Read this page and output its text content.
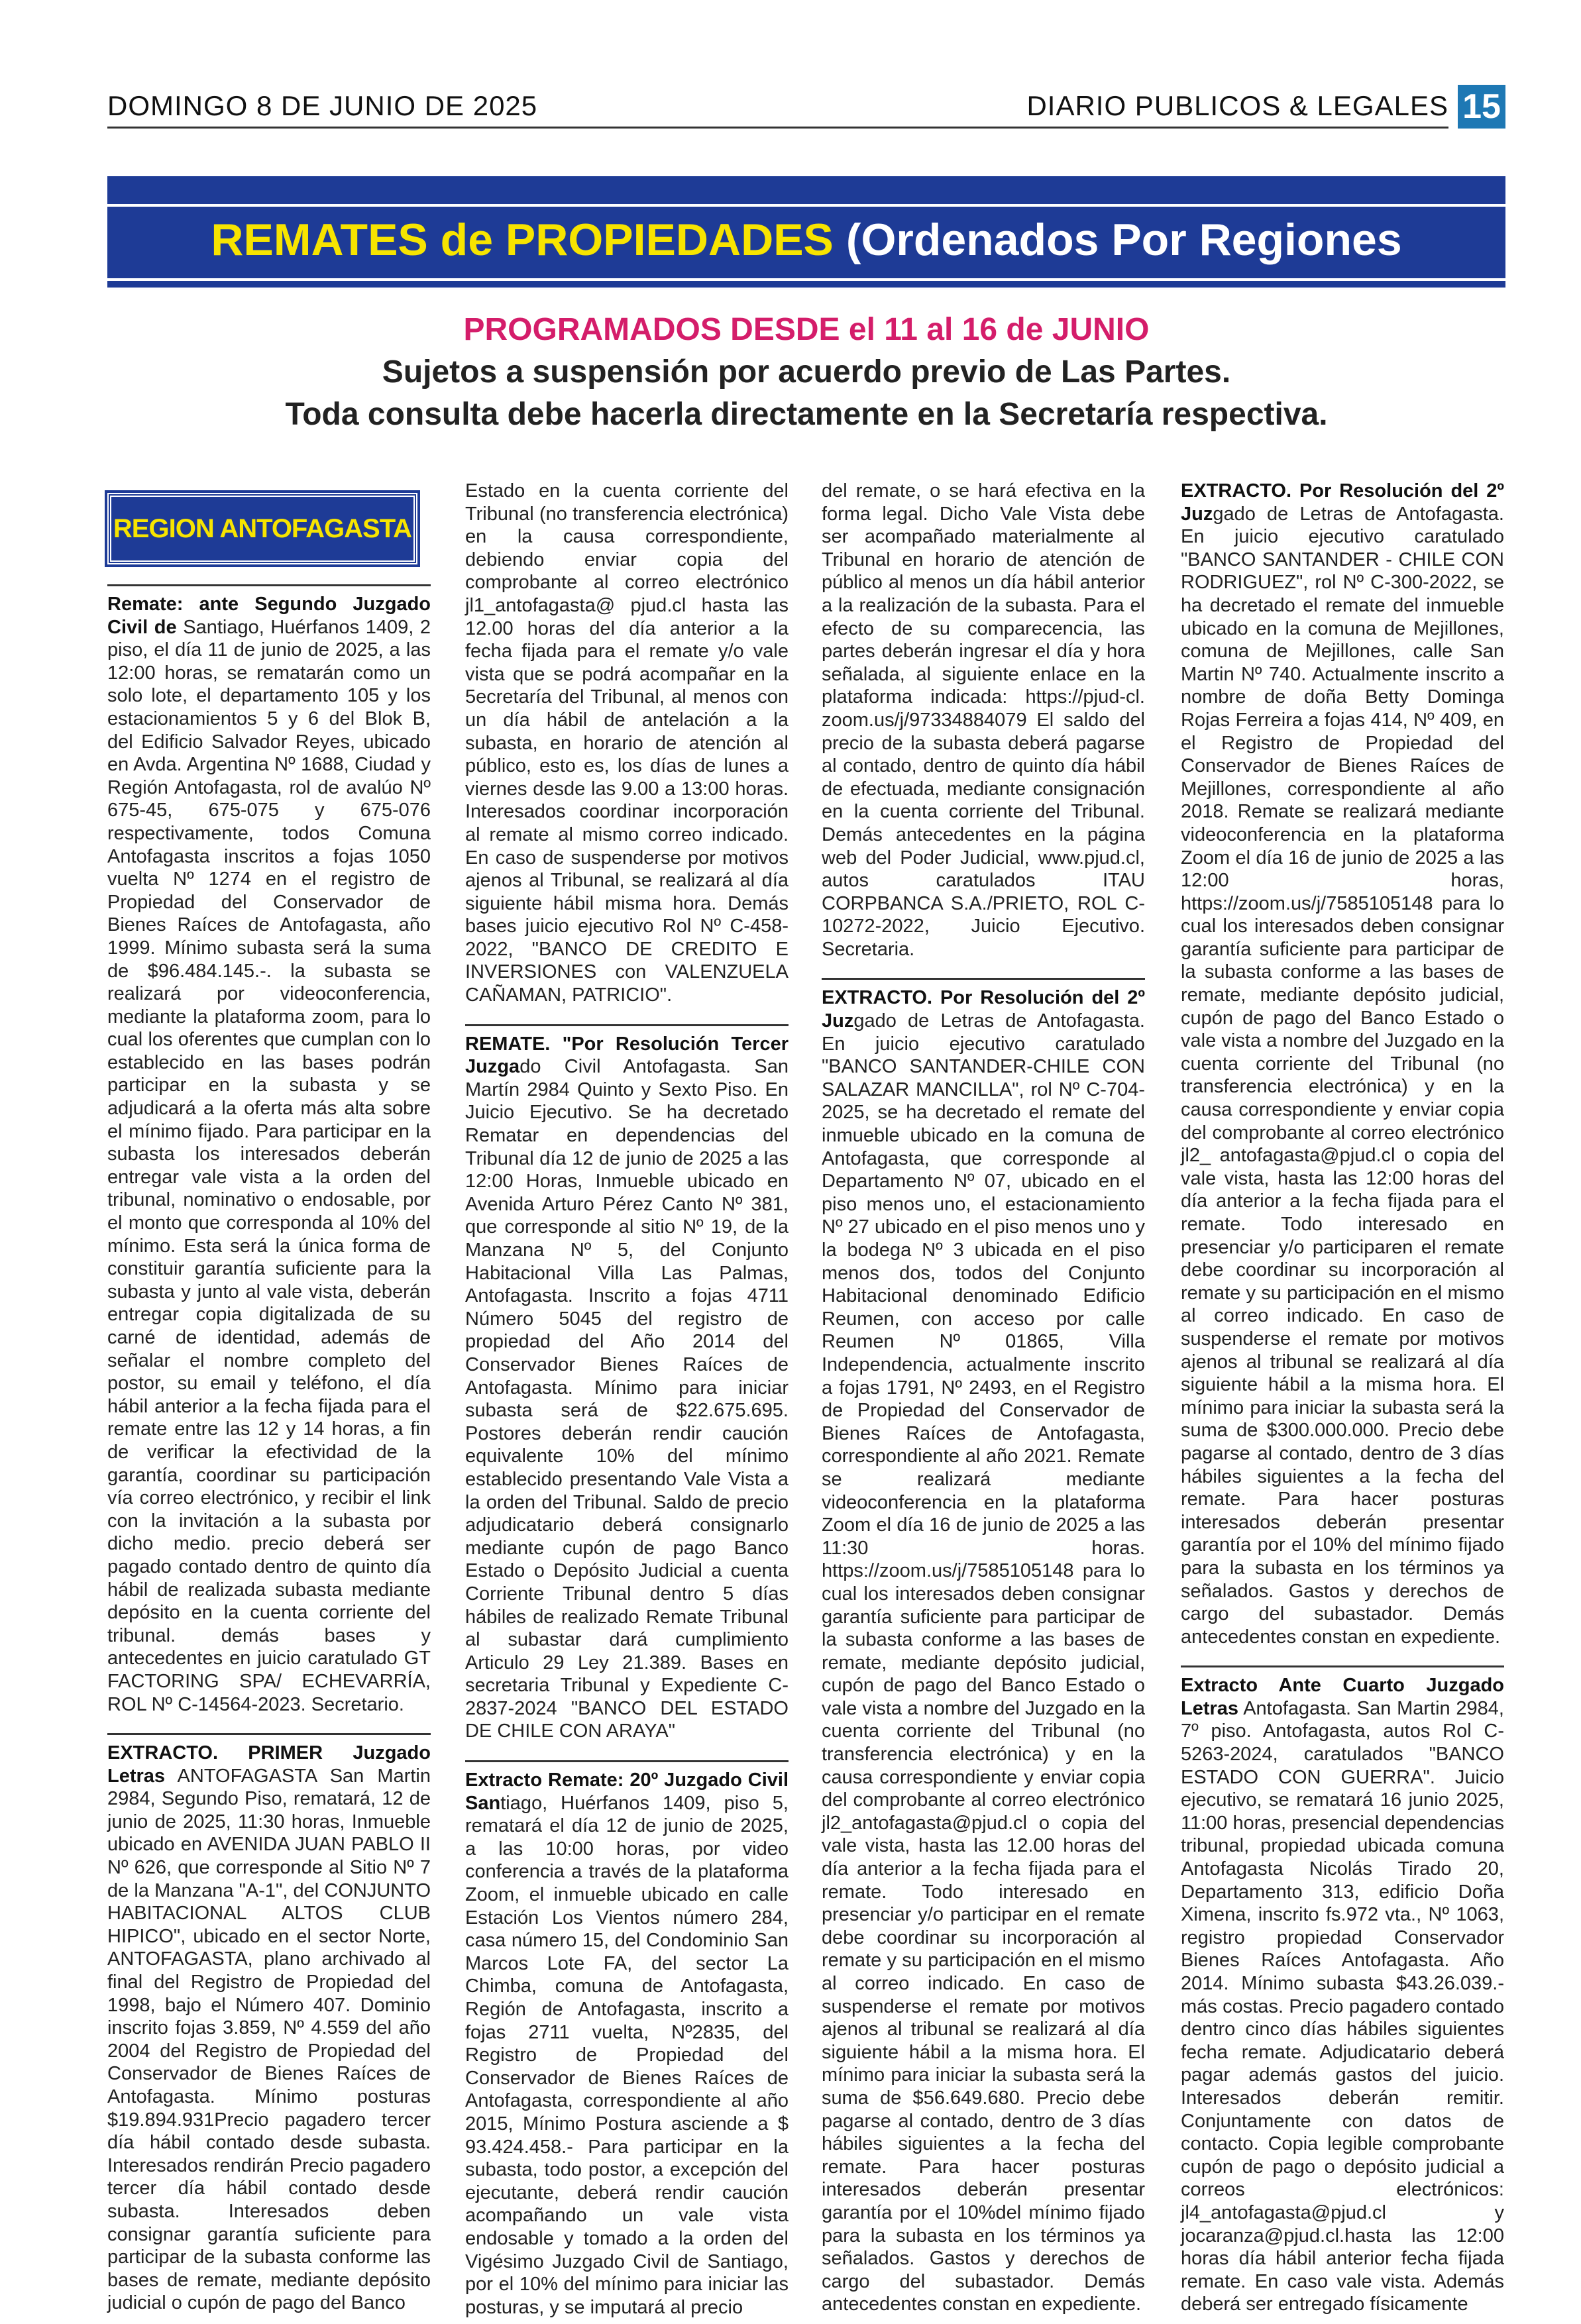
DOMINGO 8 DE JUNIO DE 2025	DIARIO PUBLICOS & LEGALES 15
REMATES de PROPIEDADES (Ordenados Por Regiones
PROGRAMADOS DESDE el 11 al 16 de JUNIO
Sujetos a suspensión por acuerdo previo de Las Partes.
Toda consulta debe hacerla directamente en la Secretaría respectiva.
REGION ANTOFAGASTA

Remate: ante Segundo Juzgado Civil de Santiago, Huérfanos 1409, 2 piso, el día 11 de junio de 2025, a las 12:00 horas, se rematarán como un solo lote, el departamento 105 y los estacionamientos 5 y 6 del Blok B, del Edificio Salvador Reyes, ubicado en Avda. Argentina Nº 1688, Ciudad y Región Antofagasta, rol de avalúo Nº 675-45, 675-075 y 675-076 respectivamente, todos Comuna Antofagasta inscritos a fojas 1050 vuelta Nº 1274 en el registro de Propiedad del Conservador de Bienes Raíces de Antofagasta, año 1999. Mínimo subasta será la suma de $96.484.145.-. la subasta se realizará por videoconferencia, mediante la plataforma zoom, para lo cual los oferentes que cumplan con lo establecido en las bases podrán participar en la subasta y se adjudicará a la oferta más alta sobre el mínimo fijado. Para participar en la subasta los interesados deberán entregar vale vista a la orden del tribunal, nominativo o endosable, por el monto que corresponda al 10% del mínimo. Esta será la única forma de constituir garantía suficiente para la subasta y junto al vale vista, deberán entregar copia digitalizada de su carné de identidad, además de señalar el nombre completo del postor, su email y teléfono, el día hábil anterior a la fecha fijada para el remate entre las 12 y 14 horas, a fin de verificar la efectividad de la garantía, coordinar su participación vía correo electrónico, y recibir el link con la invitación a la subasta por dicho medio. precio deberá ser pagado contado dentro de quinto día hábil de realizada subasta mediante depósito en la cuenta corriente del tribunal. demás bases y antecedentes en juicio caratulado GT FACTORING SPA/ ECHEVARRÍA, ROL Nº C-14564-2023. Secretario.

EXTRACTO. PRIMER Juzgado Letras ANTOFAGASTA San Martin 2984, Segundo Piso, rematará, 12 de junio de 2025, 11:30 horas, Inmueble ubicado en AVENIDA JUAN PABLO II Nº 626, que corresponde al Sitio Nº 7 de la Manzana "A-1", del CONJUNTO HABITACIONAL ALTOS CLUB HIPICO", ubicado en el sector Norte, ANTOFAGASTA, plano archivado al final del Registro de Propiedad del 1998, bajo el Número 407. Dominio inscrito fojas 3.859, Nº 4.559 del año 2004 del Registro de Propiedad del Conservador de Bienes Raíces de Antofagasta. Mínimo posturas $19.894.931Precio pagadero tercer día hábil contado desde subasta. Interesados rendirán Precio pagadero tercer día hábil contado desde subasta. Interesados deben consignar garantía suficiente para participar de la subasta conforme las bases de remate, mediante depósito judicial o cupón de pago del Banco

Estado en la cuenta corriente del Tribunal (no transferencia electrónica) en la causa correspondiente, debiendo enviar copia del comprobante al correo electrónico jl1_antofagasta@ pjud.cl hasta las 12.00 horas del día anterior a la fecha fijada para el remate y/o vale vista que se podrá acompañar en la 5ecretaría del Tribunal, al menos con un día hábil de antelación a la subasta, en horario de atención al público, esto es, los días de lunes a viernes desde las 9.00 a 13:00 horas. Interesados coordinar incorporación al remate al mismo correo indicado. En caso de suspenderse por motivos ajenos al Tribunal, se realizará al día siguiente hábil misma hora. Demás bases juicio ejecutivo Rol Nº C-458-2022, "BANCO DE CREDITO E INVERSIONES con VALENZUELA CAÑAMAN, PATRICIO".

REMATE. "Por Resolución Tercer Juzgado Civil Antofagasta. San Martín 2984 Quinto y Sexto Piso. En Juicio Ejecutivo. Se ha decretado Rematar en dependencias del Tribunal día 12 de junio de 2025 a las 12:00 Horas, Inmueble ubicado en Avenida Arturo Pérez Canto Nº 381, que corresponde al sitio Nº 19, de la Manzana Nº 5, del Conjunto Habitacional Villa Las Palmas, Antofagasta. Inscrito a fojas 4711 Número 5045 del registro de propiedad del Año 2014 del Conservador Bienes Raíces de Antofagasta. Mínimo para iniciar subasta será de $22.675.695. Postores deberán rendir caución equivalente 10% del mínimo establecido presentando Vale Vista a la orden del Tribunal. Saldo de precio adjudicatario deberá consignarlo mediante cupón de pago Banco Estado o Depósito Judicial a cuenta Corriente Tribunal dentro 5 días hábiles de realizado Remate Tribunal al subastar dará cumplimiento Articulo 29 Ley 21.389. Bases en secretaria Tribunal y Expediente C-2837-2024 "BANCO DEL ESTADO DE CHILE CON ARAYA"

Extracto Remate: 20º Juzgado Civil Santiago, Huérfanos 1409, piso 5, rematará el día 12 de junio de 2025, a las 10:00 horas, por video conferencia a través de la plataforma Zoom, el inmueble ubicado en calle Estación Los Vientos número 284, casa número 15, del Condominio San Marcos Lote FA, del sector La Chimba, comuna de Antofagasta, Región de Antofagasta, inscrito a fojas 2711 vuelta, Nº2835, del Registro de Propiedad del Conservador de Bienes Raíces de Antofagasta, correspondiente al año 2015, Mínimo Postura asciende a $ 93.424.458.- Para participar en la subasta, todo postor, a excepción del ejecutante, deberá rendir caución acompañando un vale vista endosable y tomado a la orden del Vigésimo Juzgado Civil de Santiago, por el 10% del mínimo para iniciar las posturas, y se imputará al precio

del remate, o se hará efectiva en la forma legal. Dicho Vale Vista debe ser acompañado materialmente al Tribunal en horario de atención de público al menos un día hábil anterior a la realización de la subasta. Para el efecto de su comparecencia, las partes deberán ingresar el día y hora señalada, al siguiente enlace en la plataforma indicada: https://pjud-cl. zoom.us/j/97334884079 El saldo del precio de la subasta deberá pagarse al contado, dentro de quinto día hábil de efectuada, mediante consignación en la cuenta corriente del Tribunal. Demás antecedentes en la página web del Poder Judicial, www.pjud.cl, autos caratulados ITAU CORPBANCA S.A./PRIETO, ROL C-10272-2022, Juicio Ejecutivo. Secretaria.

EXTRACTO. Por Resolución del 2º Juzgado de Letras de Antofagasta. En juicio ejecutivo caratulado "BANCO SANTANDER-CHILE CON SALAZAR MANCILLA", rol Nº C-704-2025, se ha decretado el remate del inmueble ubicado en la comuna de Antofagasta, que corresponde al Departamento Nº 07, ubicado en el piso menos uno, el estacionamiento Nº 27 ubicado en el piso menos uno y la bodega Nº 3 ubicada en el piso menos dos, todos del Conjunto Habitacional denominado Edificio Reumen, con acceso por calle Reumen Nº 01865, Villa Independencia, actualmente inscrito a fojas 1791, Nº 2493, en el Registro de Propiedad del Conservador de Bienes Raíces de Antofagasta, correspondiente al año 2021. Remate se realizará mediante videoconferencia en la plataforma Zoom el día 16 de junio de 2025 a las 11:30 horas. https://zoom.us/j/7585105148 para lo cual los interesados deben consignar garantía suficiente para participar de la subasta conforme a las bases de remate, mediante depósito judicial, cupón de pago del Banco Estado o vale vista a nombre del Juzgado en la cuenta corriente del Tribunal (no transferencia electrónica) y en la causa correspondiente y enviar copia del comprobante al correo electrónico jl2_antofagasta@pjud.cl o copia del vale vista, hasta las 12.00 horas del día anterior a la fecha fijada para el remate. Todo interesado en presenciar y/o participar en el remate debe coordinar su incorporación al remate y su participación en el mismo al correo indicado. En caso de suspenderse el remate por motivos ajenos al tribunal se realizará al día siguiente hábil a la misma hora. El mínimo para iniciar la subasta será la suma de $56.649.680. Precio debe pagarse al contado, dentro de 3 días hábiles siguientes a la fecha del remate. Para hacer posturas interesados deberán presentar garantía por el 10%del mínimo fijado para la subasta en los términos ya señalados. Gastos y derechos de cargo del subastador. Demás antecedentes constan en expediente.

EXTRACTO. Por Resolución del 2º Juzgado de Letras de Antofagasta. En juicio ejecutivo caratulado "BANCO SANTANDER - CHILE CON RODRIGUEZ", rol Nº C-300-2022, se ha decretado el remate del inmueble ubicado en la comuna de Mejillones, comuna de Mejillones, calle San Martin Nº 740. Actualmente inscrito a nombre de doña Betty Dominga Rojas Ferreira a fojas 414, Nº 409, en el Registro de Propiedad del Conservador de Bienes Raíces de Mejillones, correspondiente al año 2018. Remate se realizará mediante videoconferencia en la plataforma Zoom el día 16 de junio de 2025 a las 12:00 horas, https://zoom.us/j/7585105148 para lo cual los interesados deben consignar garantía suficiente para participar de la subasta conforme a las bases de remate, mediante depósito judicial, cupón de pago del Banco Estado o vale vista a nombre del Juzgado en la cuenta corriente del Tribunal (no transferencia electrónica) y en la causa correspondiente y enviar copia del comprobante al correo electrónico jl2_ antofagasta@pjud.cl o copia del vale vista, hasta las 12:00 horas del día anterior a la fecha fijada para el remate. Todo interesado en presenciar y/o participaren el remate debe coordinar su incorporación al remate y su participación en el mismo al correo indicado. En caso de suspenderse el remate por motivos ajenos al tribunal se realizará al día siguiente hábil a la misma hora. El mínimo para iniciar la subasta será la suma de $300.000.000. Precio debe pagarse al contado, dentro de 3 días hábiles siguientes a la fecha del remate. Para hacer posturas interesados deberán presentar garantía por el 10% del mínimo fijado para la subasta en los términos ya señalados. Gastos y derechos de cargo del subastador. Demás antecedentes constan en expediente.

Extracto Ante Cuarto Juzgado Letras Antofagasta. San Martin 2984, 7º piso. Antofagasta, autos Rol C-5263-2024, caratulados "BANCO ESTADO CON GUERRA". Juicio ejecutivo, se rematará 16 junio 2025, 11:00 horas, presencial dependencias tribunal, propiedad ubicada comuna Antofagasta Nicolás Tirado 20, Departamento 313, edificio Doña Ximena, inscrito fs.972 vta., Nº 1063, registro propiedad Conservador Bienes Raíces Antofagasta. Año 2014. Mínimo subasta $43.26.039.-más costas. Precio pagadero contado dentro cinco días hábiles siguientes fecha remate. Adjudicatario deberá pagar además gastos del juicio. Interesados deberán remitir. Conjuntamente con datos de contacto. Copia legible comprobante cupón de pago o depósito judicial a correos electrónicos: jl4_antofagasta@pjud.cl y jocaranza@pjud.cl.hasta las 12:00 horas día hábil anterior fecha fijada remate. En caso vale vista. Además deberá ser entregado físicamente
